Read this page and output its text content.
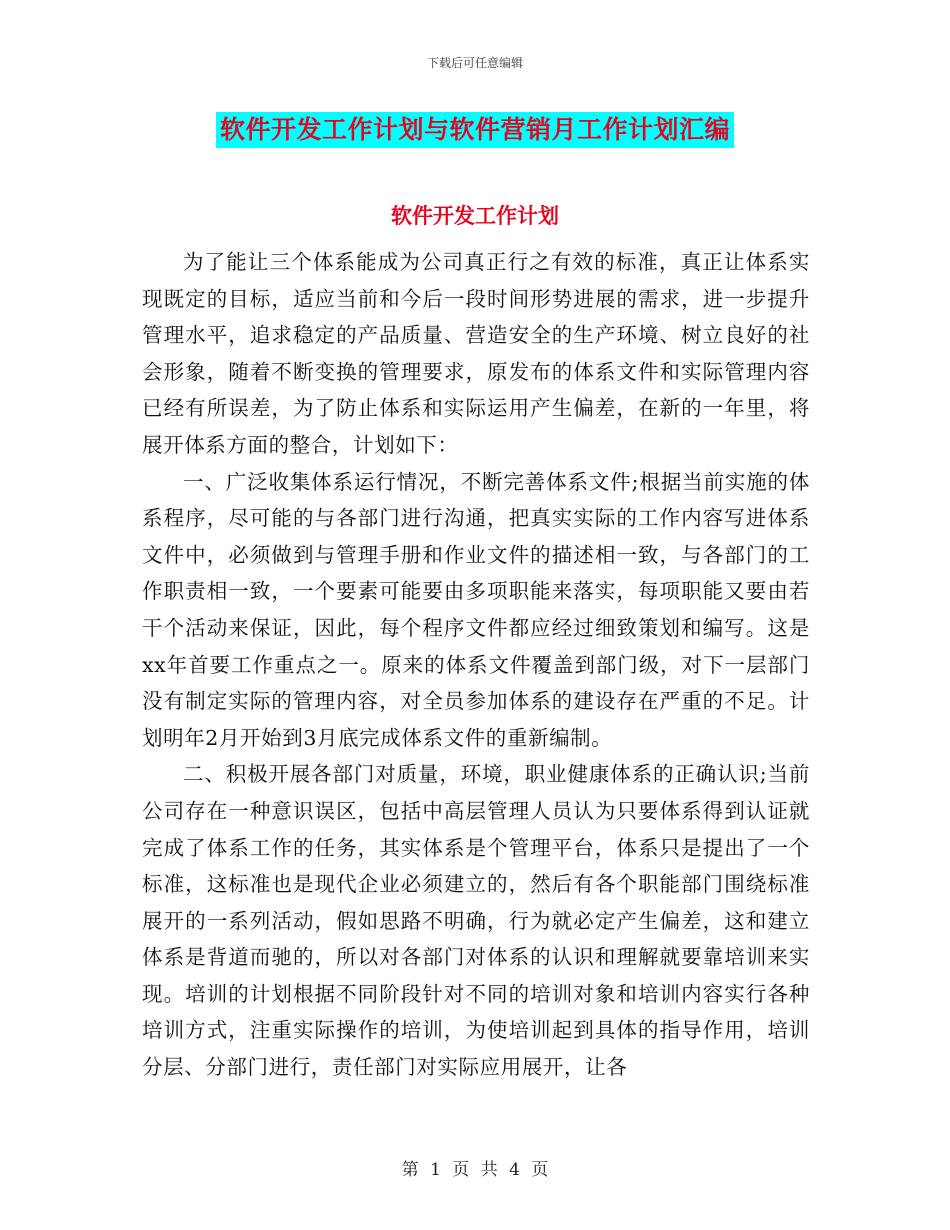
下载后可任意编辑
软件开发工作计划与软件营销月工作计划汇编
软件开发工作计划

为了能让三个体系能成为公司真正行之有效的标准，真正让体系实现既定的目标，适应当前和今后一段时间形势进展的需求，进一步提升管理水平，追求稳定的产品质量、营造安全的生产环境、树立良好的社会形象，随着不断变换的管理要求，原发布的体系文件和实际管理内容已经有所误差，为了防止体系和实际运用产生偏差，在新的一年里，将展开体系方面的整合，计划如下：

一、广泛收集体系运行情况，不断完善体系文件;根据当前实施的体系程序，尽可能的与各部门进行沟通，把真实实际的工作内容写进体系文件中，必须做到与管理手册和作业文件的描述相一致，与各部门的工作职责相一致，一个要素可能要由多项职能来落实，每项职能又要由若干个活动来保证，因此，每个程序文件都应经过细致策划和编写。这是xx年首要工作重点之一。原来的体系文件覆盖到部门级，对下一层部门没有制定实际的管理内容，对全员参加体系的建设存在严重的不足。计划明年2月开始到3月底完成体系文件的重新编制。

二、积极开展各部门对质量，环境，职业健康体系的正确认识;当前公司存在一种意识误区，包括中高层管理人员认为只要体系得到认证就完成了体系工作的任务，其实体系是个管理平台，体系只是提出了一个标准，这标准也是现代企业必须建立的，然后有各个职能部门围绕标准展开的一系列活动，假如思路不明确，行为就必定产生偏差，这和建立体系是背道而驰的，所以对各部门对体系的认识和理解就要靠培训来实现。培训的计划根据不同阶段针对不同的培训对象和培训内容实行各种培训方式，注重实际操作的培训，为使培训起到具体的指导作用，培训分层、分部门进行，责任部门对实际应用展开，让各

第 1 页 共 4 页
